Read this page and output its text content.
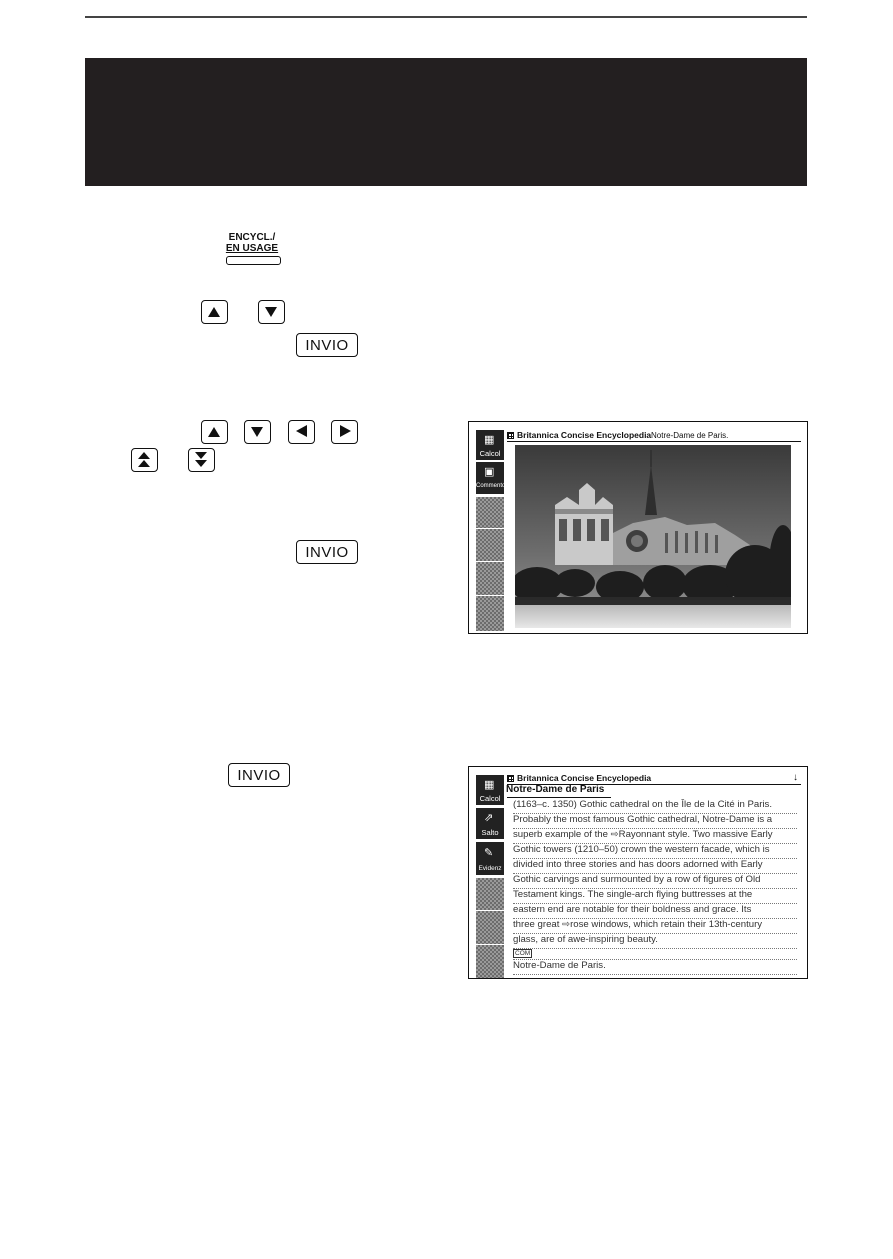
ENCYCL./
EN USAGE
INVIO
INVIO
INVIO
▦
Calcol
▣
Commento
Britannica Concise Encyclopedia Notre-Dame de Paris.
▦
Calcol
⇗
Salto
✎
Evidenz
Britannica Concise Encyclopedia	↓
Notre-Dame de Paris
(1163–c. 1350) Gothic cathedral on the Île de la Cité in Paris.
Probably the most famous Gothic cathedral, Notre-Dame is a
superb example of the ⇨Rayonnant style. Two massive Early
Gothic towers (1210–50) crown the western facade, which is
divided into three stories and has doors adorned with Early
Gothic carvings and surmounted by a row of figures of Old
Testament kings. The single-arch flying buttresses at the
eastern end are notable for their boldness and grace. Its
three great ⇨rose windows, which retain their 13th-century
glass, are of awe-inspiring beauty.
COM
Notre-Dame de Paris.
